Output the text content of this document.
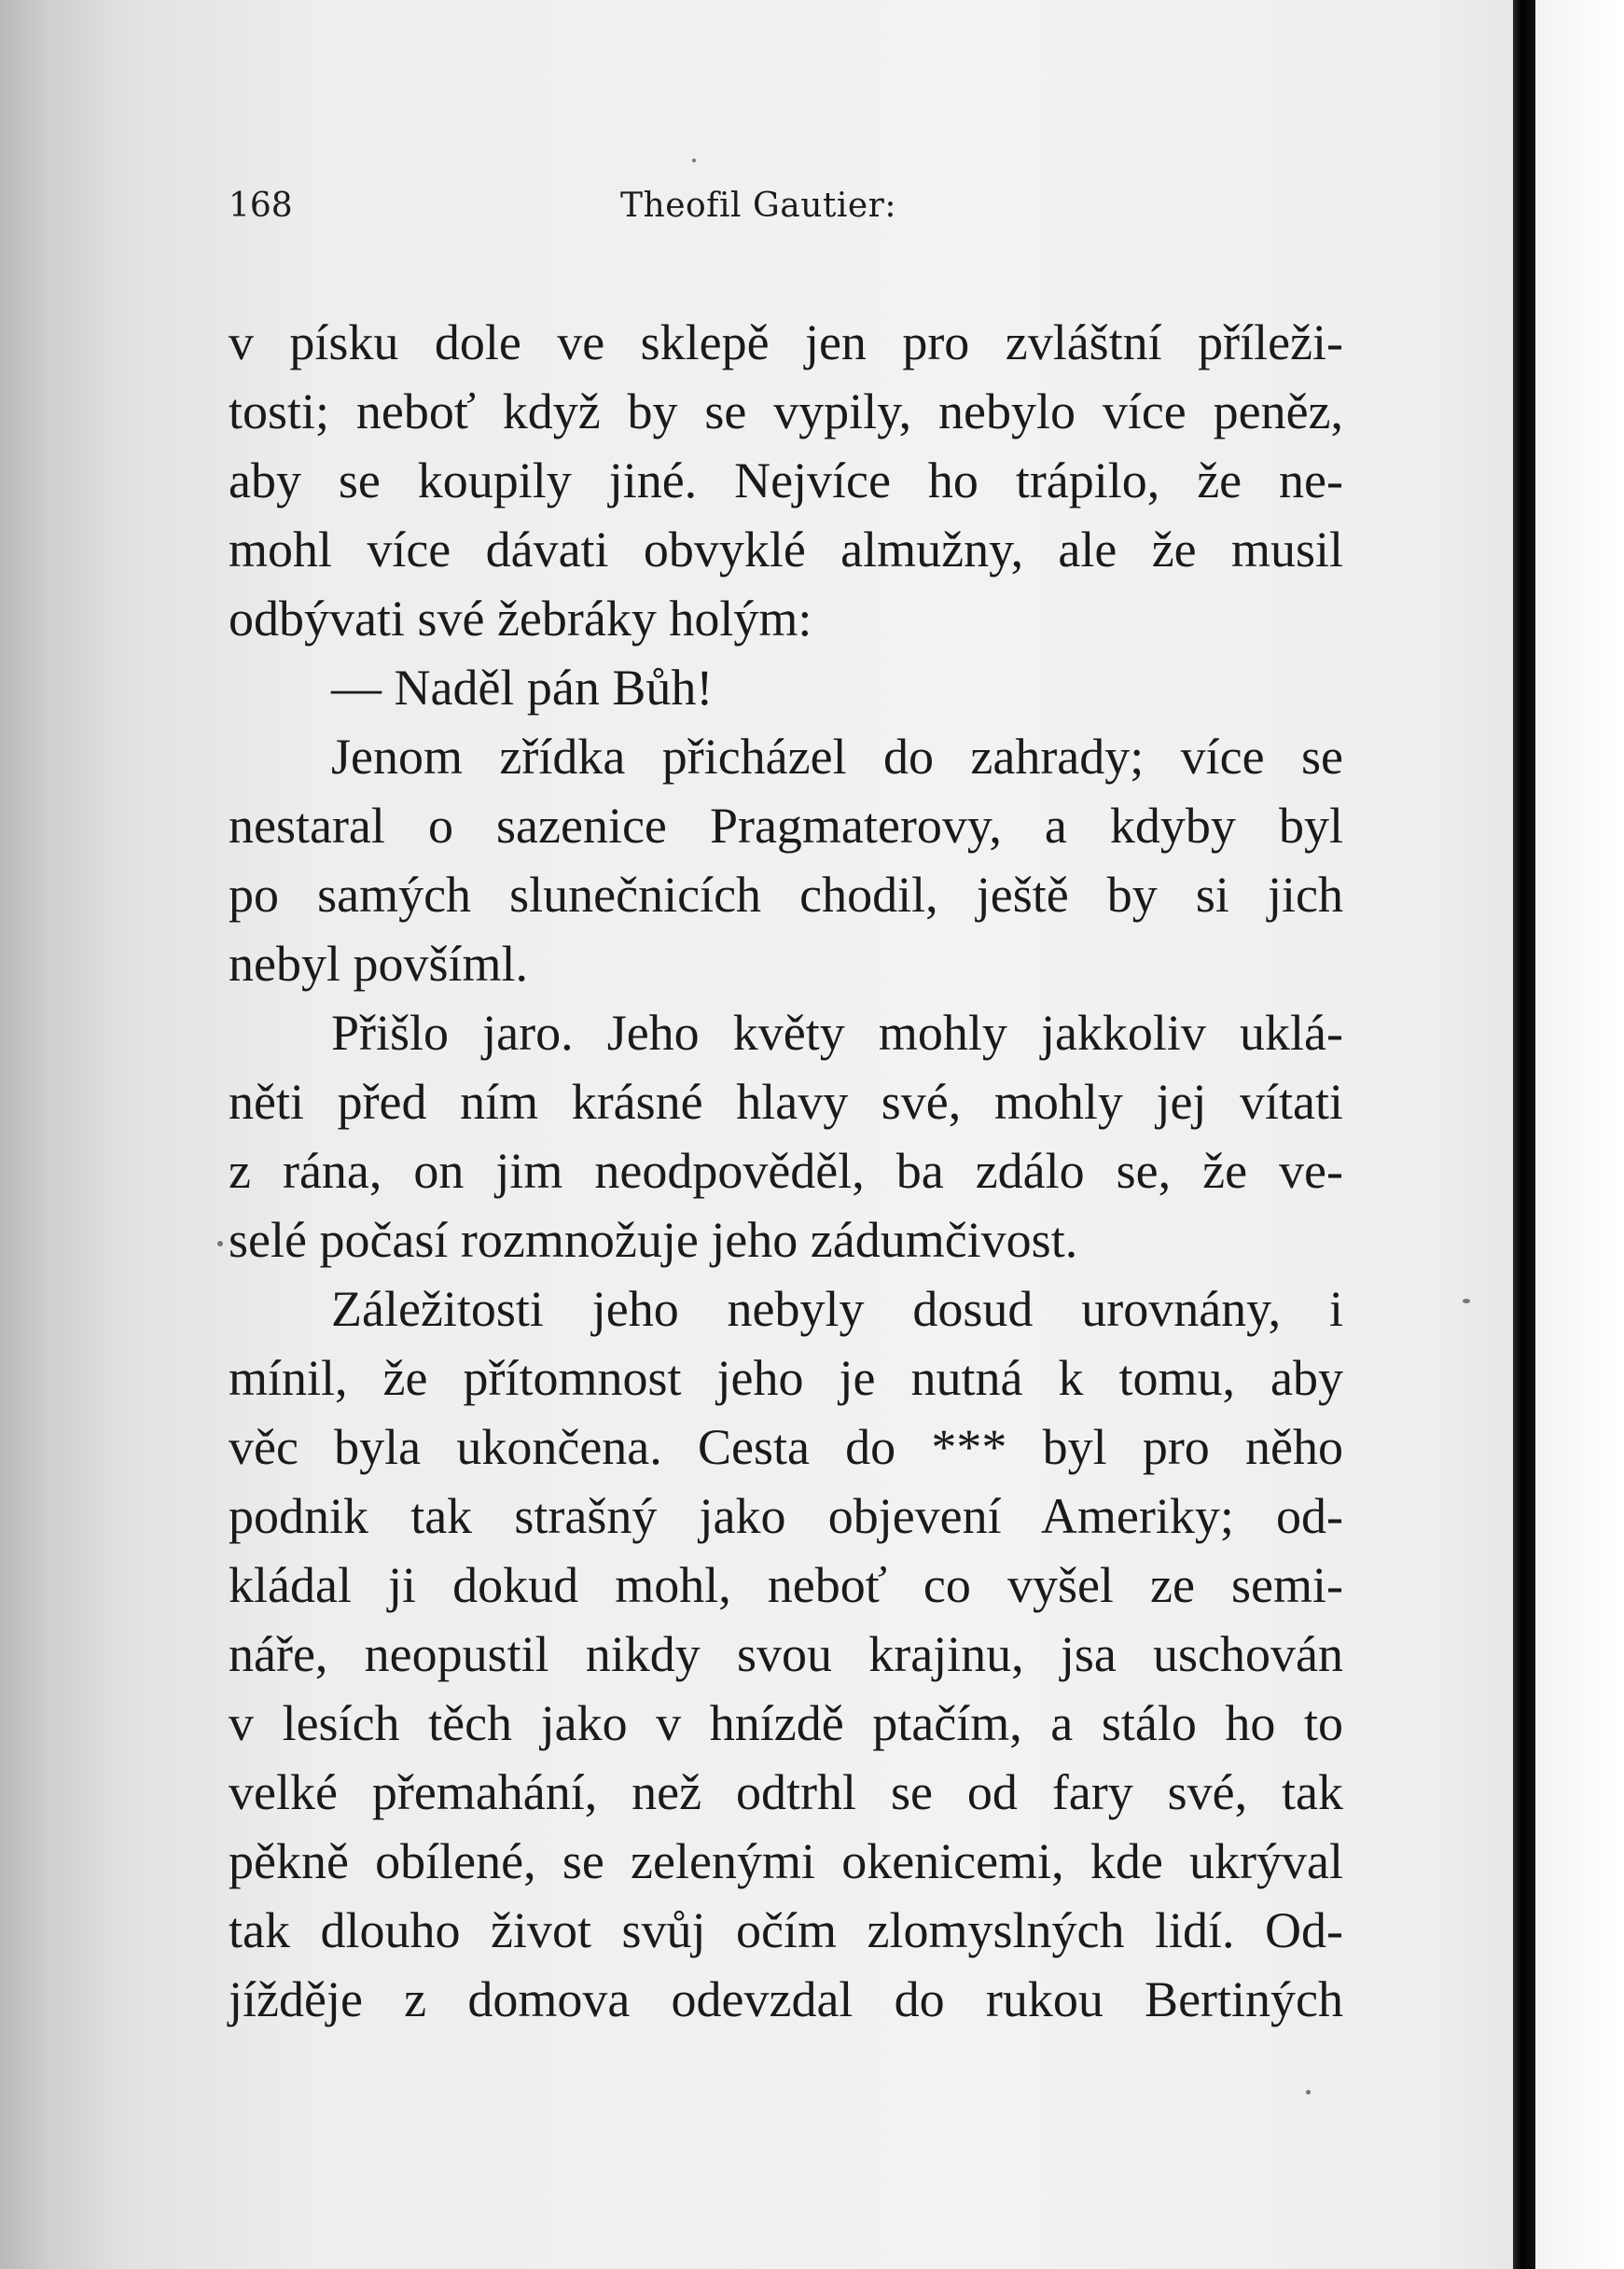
168	Theofil Gautier:
v písku dole ve sklepě jen pro zvláštní příleži-
tosti; neboť když by se vypily, nebylo více peněz,
aby se koupily jiné. Nejvíce ho trápilo, že ne-
mohl více dávati obvyklé almužny, ale že musil
odbývati své žebráky holým:
— Naděl pán Bůh!
Jenom zřídka přicházel do zahrady; více se
nestaral o sazenice Pragmaterovy, a kdyby byl
po samých slunečnicích chodil, ještě by si jich
nebyl povšíml.
Přišlo jaro. Jeho květy mohly jakkoliv uklá-
něti před ním krásné hlavy své, mohly jej vítati
z rána, on jim neodpověděl, ba zdálo se, že ve-
selé počasí rozmnožuje jeho zádumčivost.
Záležitosti jeho nebyly dosud urovnány, i
mínil, že přítomnost jeho je nutná k tomu, aby
věc byla ukončena. Cesta do *** byl pro něho
podnik tak strašný jako objevení Ameriky; od-
kládal ji dokud mohl, neboť co vyšel ze semi-
náře, neopustil nikdy svou krajinu, jsa uschován
v lesích těch jako v hnízdě ptačím, a stálo ho to
velké přemahání, než odtrhl se od fary své, tak
pěkně obílené, se zelenými okenicemi, kde ukrýval
tak dlouho život svůj očím zlomyslných lidí. Od-
jížděje z domova odevzdal do rukou Bertiných
